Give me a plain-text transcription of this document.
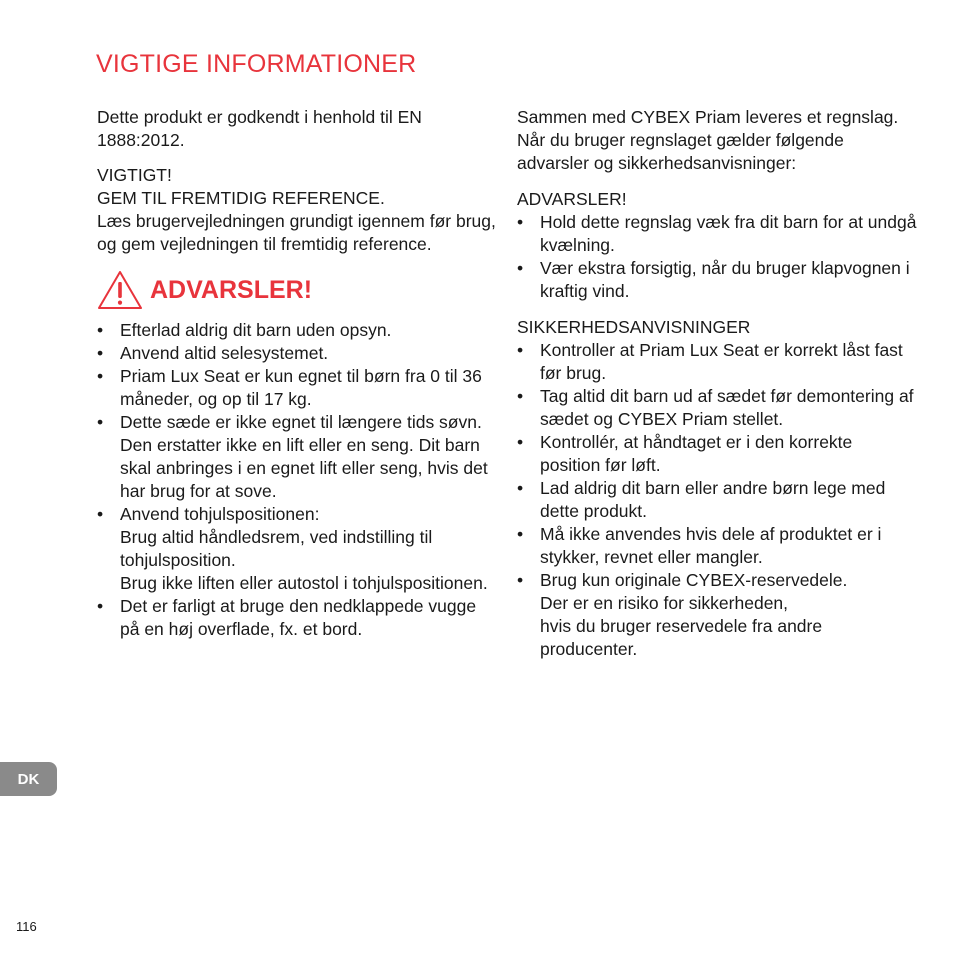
VIGTIGE INFORMATIONER

Dette produkt er godkendt i henhold til EN 1888:2012.

VIGTIGT!

GEM TIL FREMTIDIG REFERENCE.

Læs brugervejledningen grundigt igennem før brug, og gem vejledningen til fremtidig reference.

ADVARSLER!
• Efterlad aldrig dit barn uden opsyn.
• Anvend altid selesystemet.
• Priam Lux Seat er kun egnet til børn fra 0 til 36 måneder, og op til 17 kg.
• Dette sæde er ikke egnet til længere tids søvn. Den erstatter ikke en lift eller en seng. Dit barn skal anbringes i en egnet lift eller seng, hvis det har brug for at sove.
• Anvend tohjulspositionen:
Brug altid håndledsrem, ved indstilling til tohjulsposition.
Brug ikke liften eller autostol i tohjulspositionen.
• Det er farligt at bruge den nedklappede vugge på en høj overflade, fx. et bord.

Sammen med CYBEX Priam leveres et regnslag. Når du bruger regnslaget gælder følgende advarsler og sikkerhedsanvisninger:

ADVARSLER!

• Hold dette regnslag væk fra dit barn for at undgå kvælning.
• Vær ekstra forsigtig, når du bruger klapvognen i kraftig vind.

SIKKERHEDSANVISNINGER

• Kontroller at Priam Lux Seat er korrekt låst fast før brug.
• Tag altid dit barn ud af sædet før demontering af sædet og CYBEX Priam stellet.
• Kontrollér, at håndtaget er i den korrekte position før løft.
• Lad aldrig dit barn eller andre børn lege med dette produkt.
• Må ikke anvendes hvis dele af produktet er i stykker, revnet eller mangler.
• Brug kun originale CYBEX-reservedele.
Der er en risiko for sikkerheden,
hvis du bruger reservedele fra andre producenter.
DK
116
